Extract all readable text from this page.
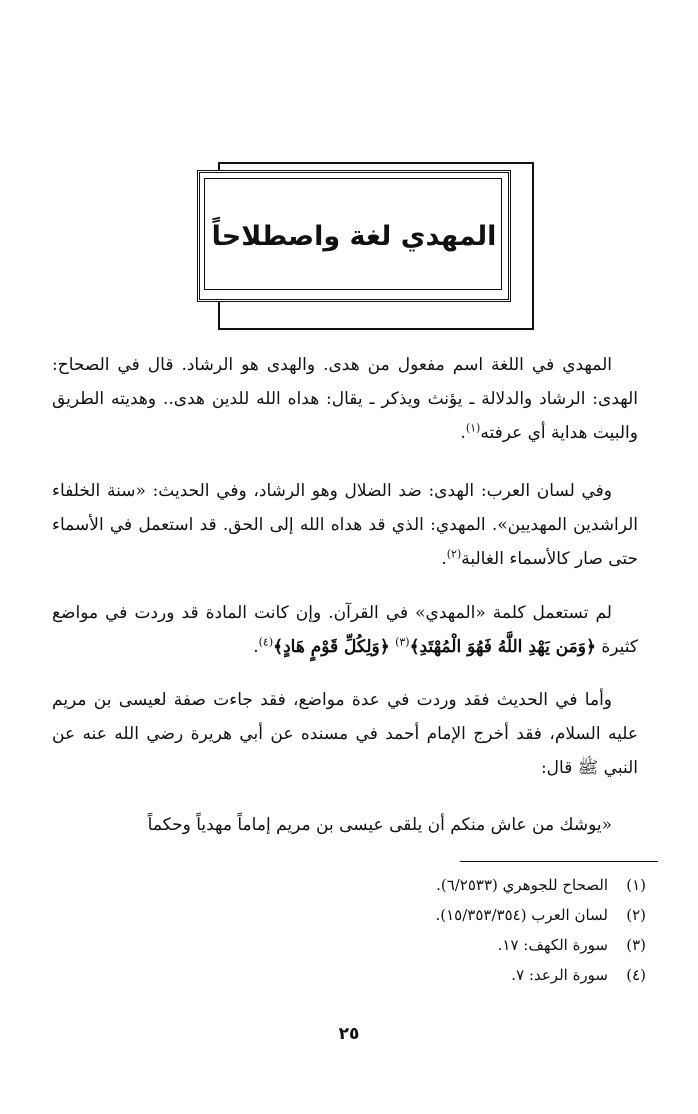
المهدي لغة واصطلاحاً

المهدي في اللغة اسم مفعول من هدى. والهدى هو الرشاد. قال في الصحاح: الهدى: الرشاد والدلالة ـ يؤنث ويذكر ـ يقال: هداه الله للدين هدى.. وهديته الطريق والبيت هداية أي عرفته$^{(١)}$.

وفي لسان العرب: الهدى: ضد الضلال وهو الرشاد، وفي الحديث: «سنة الخلفاء الراشدين المهديين». المهدي: الذي قد هداه الله إلى الحق. قد استعمل في الأسماء حتى صار كالأسماء الغالبة$^{(٢)}$.

لم تستعمل كلمة «المهدي» في القرآن. وإن كانت المادة قد وردت في مواضع كثيرة ﴿وَمَن يَهْدِ اللَّهُ فَهُوَ الْمُهْتَدِ﴾$^{(٣)}$ ﴿وَلِكُلِّ قَوْمٍ هَادٍ﴾$^{(٤)}$.

وأما في الحديث فقد وردت في عدة مواضع، فقد جاءت صفة لعيسى بن مريم عليه السلام، فقد أخرج الإمام أحمد في مسنده عن أبي هريرة رضي الله عنه عن النبي ﷺ قال:

«يوشك من عاش منكم أن يلقى عيسى بن مريم إماماً مهدياً وحكماً

(١)
الصحاح للجوهري (٦/٢٥٣٣).
(٢)
لسان العرب (١٥/٣٥٣/٣٥٤).
(٣)
سورة الكهف: ١٧.
(٤)
سورة الرعد: ٧.
٢٥
